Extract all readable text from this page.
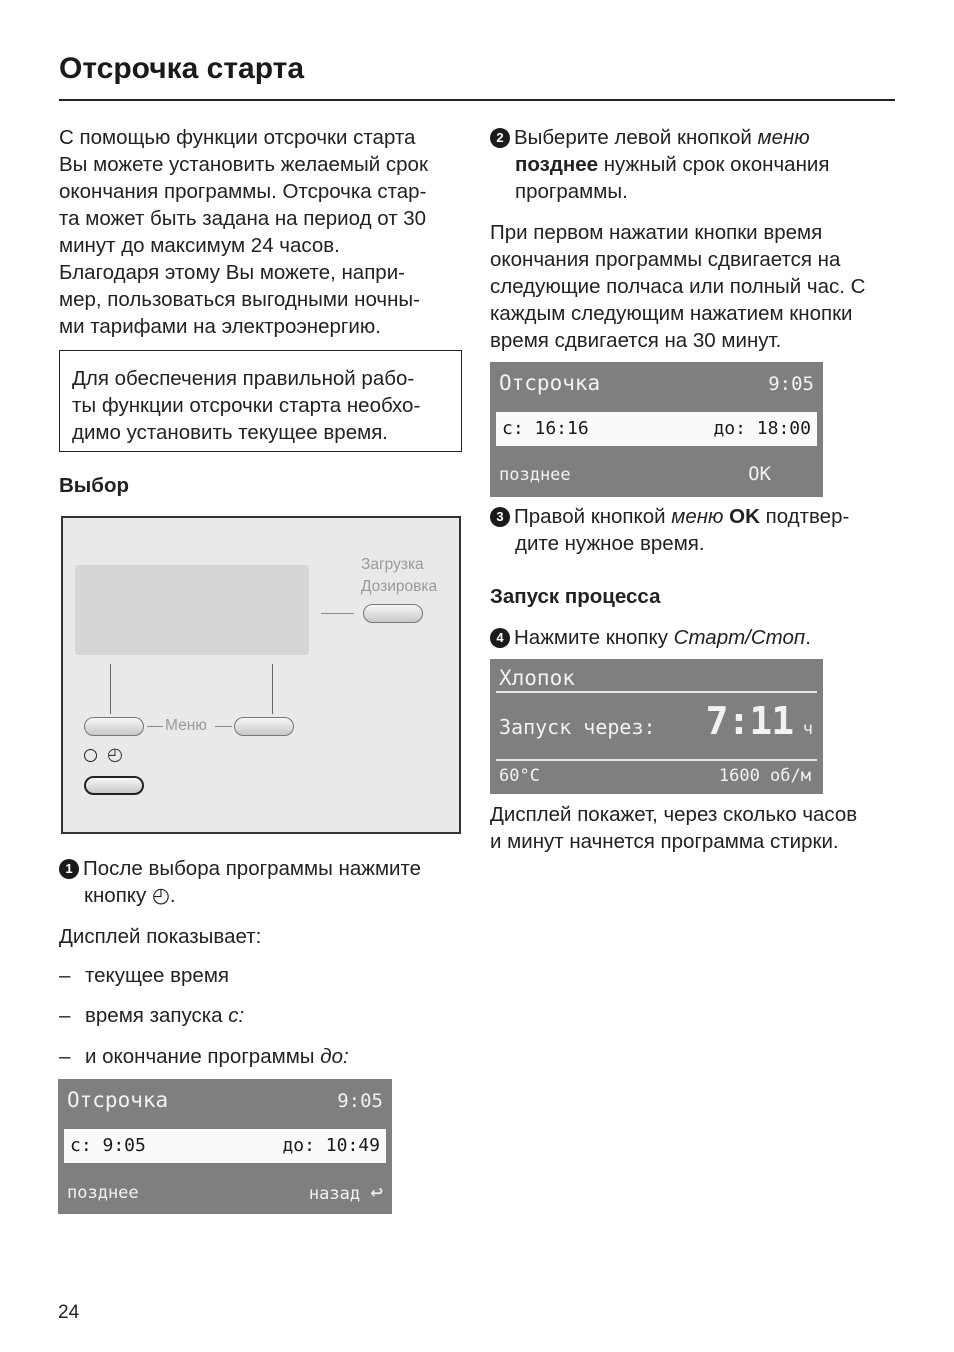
Отсрочка старта
С помощью функции отсрочки старта
Вы можете установить желаемый срок
окончания программы. Отсрочка стар-
та может быть задана на период от 30
минут до максимум 24 часов.
Благодаря этому Вы можете, напри-
мер, пользоваться выгодными ночны-
ми тарифами на электроэнергию.
Для обеспечения правильной рабо-
ты функции отсрочки старта необхо-
димо установить текущее время.
Выбор
Загрузка
Дозировка
Меню
◴
1 После выбора программы нажмите
кнопку ◴.
Дисплей показывает:
– текущее время
– время запуска с:
– и окончание программы до:
Отсрочка	9:05
с: 9:05	до: 10:49
позднее	назад ↩
2 Выберите левой кнопкой меню
позднее нужный срок окончания
программы.
При первом нажатии кнопки время
окончания программы сдвигается на
следующие полчаса или полный час. С
каждым следующим нажатием кнопки
время сдвигается на 30 минут.
Отсрочка	9:05
с: 16:16	до: 18:00
позднее	OK
3 Правой кнопкой меню OK подтвер-
дите нужное время.
Запуск процесса
4 Нажмите кнопку Старт/Стоп.
Хлопок
Запуск через: 7:11 ч
60°C	1600 об/м
Дисплей покажет, через сколько часов
и минут начнется программа стирки.
24
